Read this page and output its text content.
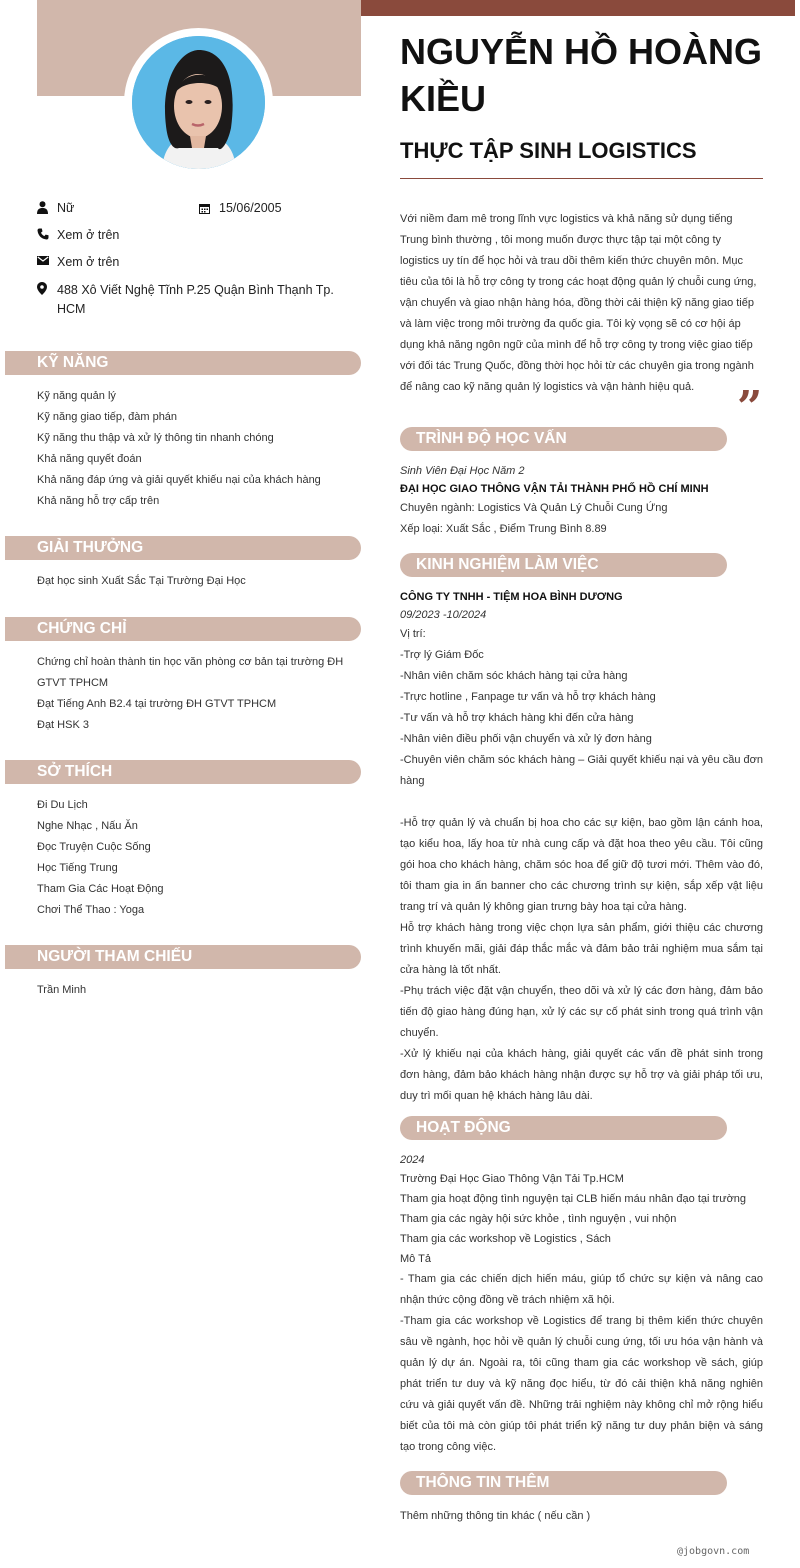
Nữ
Xem ở trên
Xem ở trên
488 Xô Viết Nghệ Tĩnh P.25 Quận Bình Thạnh Tp. HCM
15/06/2005
KỸ NĂNG
Kỹ năng quản lý
Kỹ năng giao tiếp, đàm phán
Kỹ năng thu thập và xử lý thông tin nhanh chóng
Khả năng quyết đoán
Khả năng đáp ứng và giải quyết khiếu nại của khách hàng
Khả năng hỗ trợ cấp trên
GIẢI THƯỞNG
Đạt học sinh Xuất Sắc Tại Trường Đại Học
CHỨNG CHỈ
Chứng chỉ hoàn thành tin học văn phòng cơ bản tại trường ĐH GTVT TPHCM
Đạt Tiếng Anh B2.4 tại trường ĐH GTVT TPHCM
Đạt HSK 3
SỞ THÍCH
Đi Du Lịch
Nghe Nhạc , Nấu Ăn
Đọc Truyện Cuộc Sống
Học Tiếng Trung
Tham Gia Các Hoạt Động
Chơi Thể Thao : Yoga
NGƯỜI THAM CHIẾU
Trần Minh
NGUYỄN HỒ HOÀNG KIỀU
THỰC TẬP SINH LOGISTICS
Với niềm đam mê trong lĩnh vực logistics và khả năng sử dụng tiếng Trung bình thường , tôi mong muốn được thực tập tại một công ty logistics uy tín để học hỏi và trau dồi thêm kiến thức chuyên môn. Mục tiêu của tôi là hỗ trợ công ty trong các hoạt động quản lý chuỗi cung ứng, vận chuyển và giao nhận hàng hóa, đồng thời cải thiện kỹ năng giao tiếp và làm việc trong môi trường đa quốc gia. Tôi kỳ vọng sẽ có cơ hội áp dụng khả năng ngôn ngữ của mình để hỗ trợ công ty trong việc giao tiếp với đối tác Trung Quốc, đồng thời học hỏi từ các chuyên gia trong ngành để nâng cao kỹ năng quản lý logistics và vận hành hiệu quả. ”
TRÌNH ĐỘ HỌC VẤN
Sinh Viên Đại Học Năm 2
ĐẠI HỌC GIAO THÔNG VẬN TẢI THÀNH PHỐ HỒ CHÍ MINH
Chuyên ngành: Logistics Và Quản Lý Chuỗi Cung Ứng
Xếp loại: Xuất Sắc , Điểm Trung Bình 8.89
KINH NGHIỆM LÀM VIỆC
CÔNG TY TNHH - TIỆM HOA BÌNH DƯƠNG
09/2023 -10/2024
Vị trí:
-Trợ lý Giám Đốc
-Nhân viên chăm sóc khách hàng tại cửa hàng
-Trực hotline , Fanpage tư vấn và hỗ trợ khách hàng
-Tư vấn và hỗ trợ khách hàng khi đến cửa hàng
-Nhân viên điều phối vận chuyển và xử lý đơn hàng
-Chuyên viên chăm sóc khách hàng – Giải quyết khiếu nại và yêu cầu đơn hàng
-Hỗ trợ quản lý và chuẩn bị hoa cho các sự kiện, bao gồm lận cánh hoa, tạo kiểu hoa, lấy hoa từ nhà cung cấp và đặt hoa theo yêu cầu. Tôi cũng gói hoa cho khách hàng, chăm sóc hoa để giữ độ tươi mới. Thêm vào đó, tôi tham gia in ấn banner cho các chương trình sự kiện, sắp xếp vật liệu trang trí và quản lý không gian trưng bày hoa tại cửa hàng.
Hỗ trợ khách hàng trong việc chọn lựa sản phẩm, giới thiệu các chương trình khuyến mãi, giải đáp thắc mắc và đảm bảo trải nghiệm mua sắm tại cửa hàng là tốt nhất.
-Phụ trách việc đặt vận chuyển, theo dõi và xử lý các đơn hàng, đảm bảo tiến độ giao hàng đúng hạn, xử lý các sự cố phát sinh trong quá trình vận chuyển.
-Xử lý khiếu nại của khách hàng, giải quyết các vấn đề phát sinh trong đơn hàng, đảm bảo khách hàng nhận được sự hỗ trợ và giải pháp tối ưu, duy trì mối quan hệ khách hàng lâu dài.
HOẠT ĐỘNG
2024
Trường Đại Học Giao Thông Vận Tải Tp.HCM
Tham gia hoạt động tình nguyện tại CLB hiến máu nhân đạo tại trường
Tham gia các ngày hội sức khỏe , tình nguyện , vui nhộn
Tham gia các workshop về Logistics , Sách
Mô Tả
- Tham gia các chiến dịch hiến máu, giúp tổ chức sự kiện và nâng cao nhận thức cộng đồng về trách nhiệm xã hội.
-Tham gia các workshop về Logistics để trang bị thêm kiến thức chuyên sâu về ngành, học hỏi về quản lý chuỗi cung ứng, tối ưu hóa vận hành và quản lý dự án. Ngoài ra, tôi cũng tham gia các workshop về sách, giúp phát triển tư duy và kỹ năng đọc hiểu, từ đó cải thiện khả năng nghiên cứu và giải quyết vấn đề. Những trải nghiệm này không chỉ mở rộng hiểu biết của tôi mà còn giúp tôi phát triển kỹ năng tư duy phản biện và sáng tạo trong công việc.
THÔNG TIN THÊM
Thêm những thông tin khác ( nếu cần )
@jobgovn.com
